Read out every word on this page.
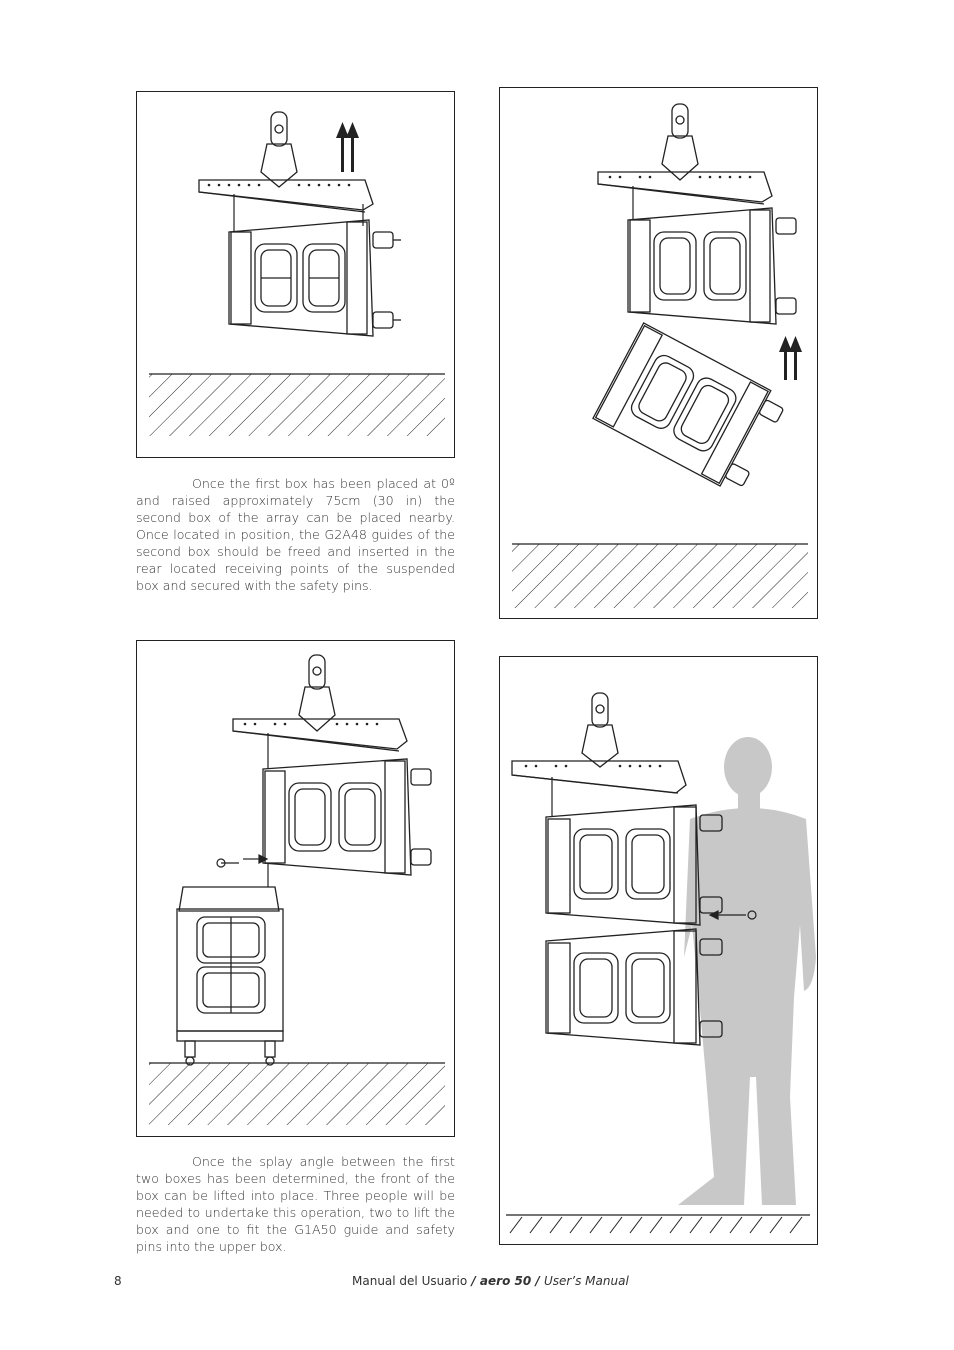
Once the first box has been placed at 0º and raised approximately 75cm (30 in) the second box of the array can be placed nearby. Once located in position, the G2A48 guides of the second box should be freed and inserted in the rear located receiving points of the suspended box and secured with the safety pins.

Once the splay angle between the first two boxes has been determined, the front of the box can be lifted into place. Three people will be needed to undertake this operation, two to lift the box and one to fit the G1A50 guide and safety pins into the upper box.

8	Manual del Usuario / aero 50 / User’s Manual
